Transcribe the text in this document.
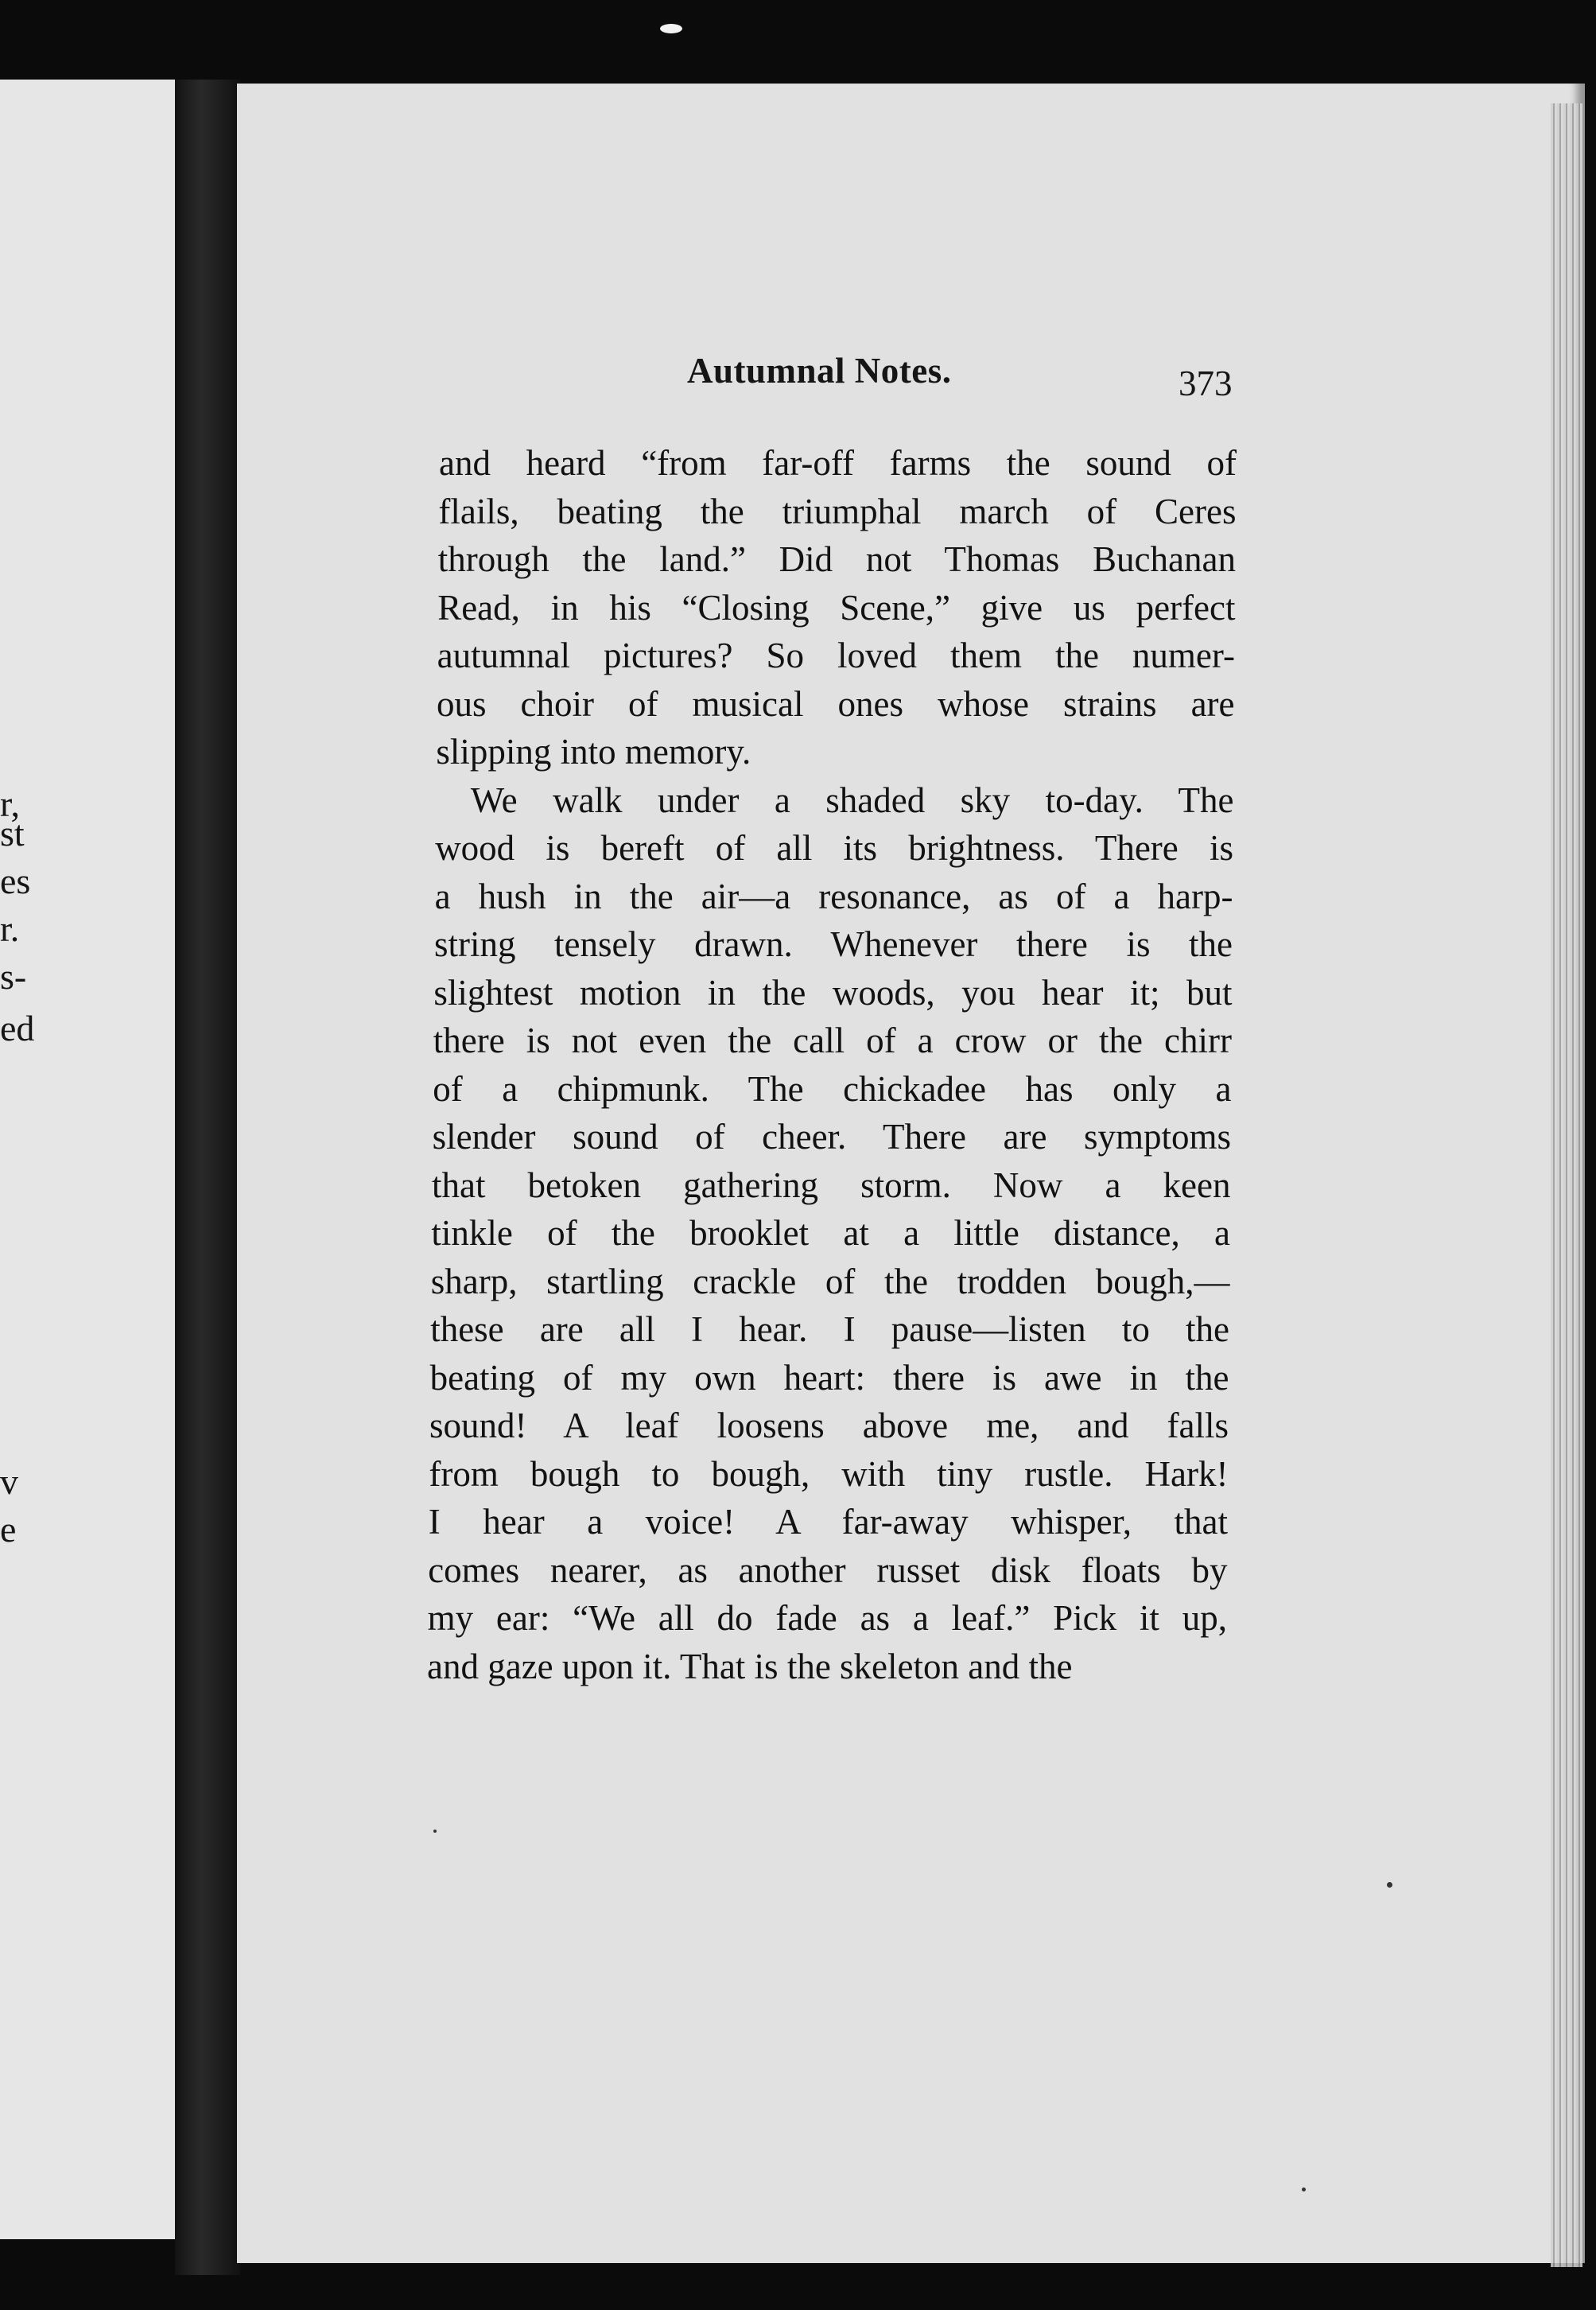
r,
st
es
r.
s-
ed
v
e
Autumnal Notes.	373
and heard “from far-off farms the sound of
flails, beating the triumphal march of Ceres
through the land.” Did not Thomas Buchanan
Read, in his “Closing Scene,” give us perfect
autumnal pictures? So loved them the numer-
ous choir of musical ones whose strains are
slipping into memory.
We walk under a shaded sky to-day. The
wood is bereft of all its brightness. There is
a hush in the air—a resonance, as of a harp-
string tensely drawn. Whenever there is the
slightest motion in the woods, you hear it; but
there is not even the call of a crow or the chirr
of a chipmunk. The chickadee has only a
slender sound of cheer. There are symptoms
that betoken gathering storm. Now a keen
tinkle of the brooklet at a little distance, a
sharp, startling crackle of the trodden bough,—
these are all I hear. I pause—listen to the
beating of my own heart: there is awe in the
sound! A leaf loosens above me, and falls
from bough to bough, with tiny rustle. Hark!
I hear a voice! A far-away whisper, that
comes nearer, as another russet disk floats by
my ear: “We all do fade as a leaf.” Pick it up,
and gaze upon it. That is the skeleton and the
